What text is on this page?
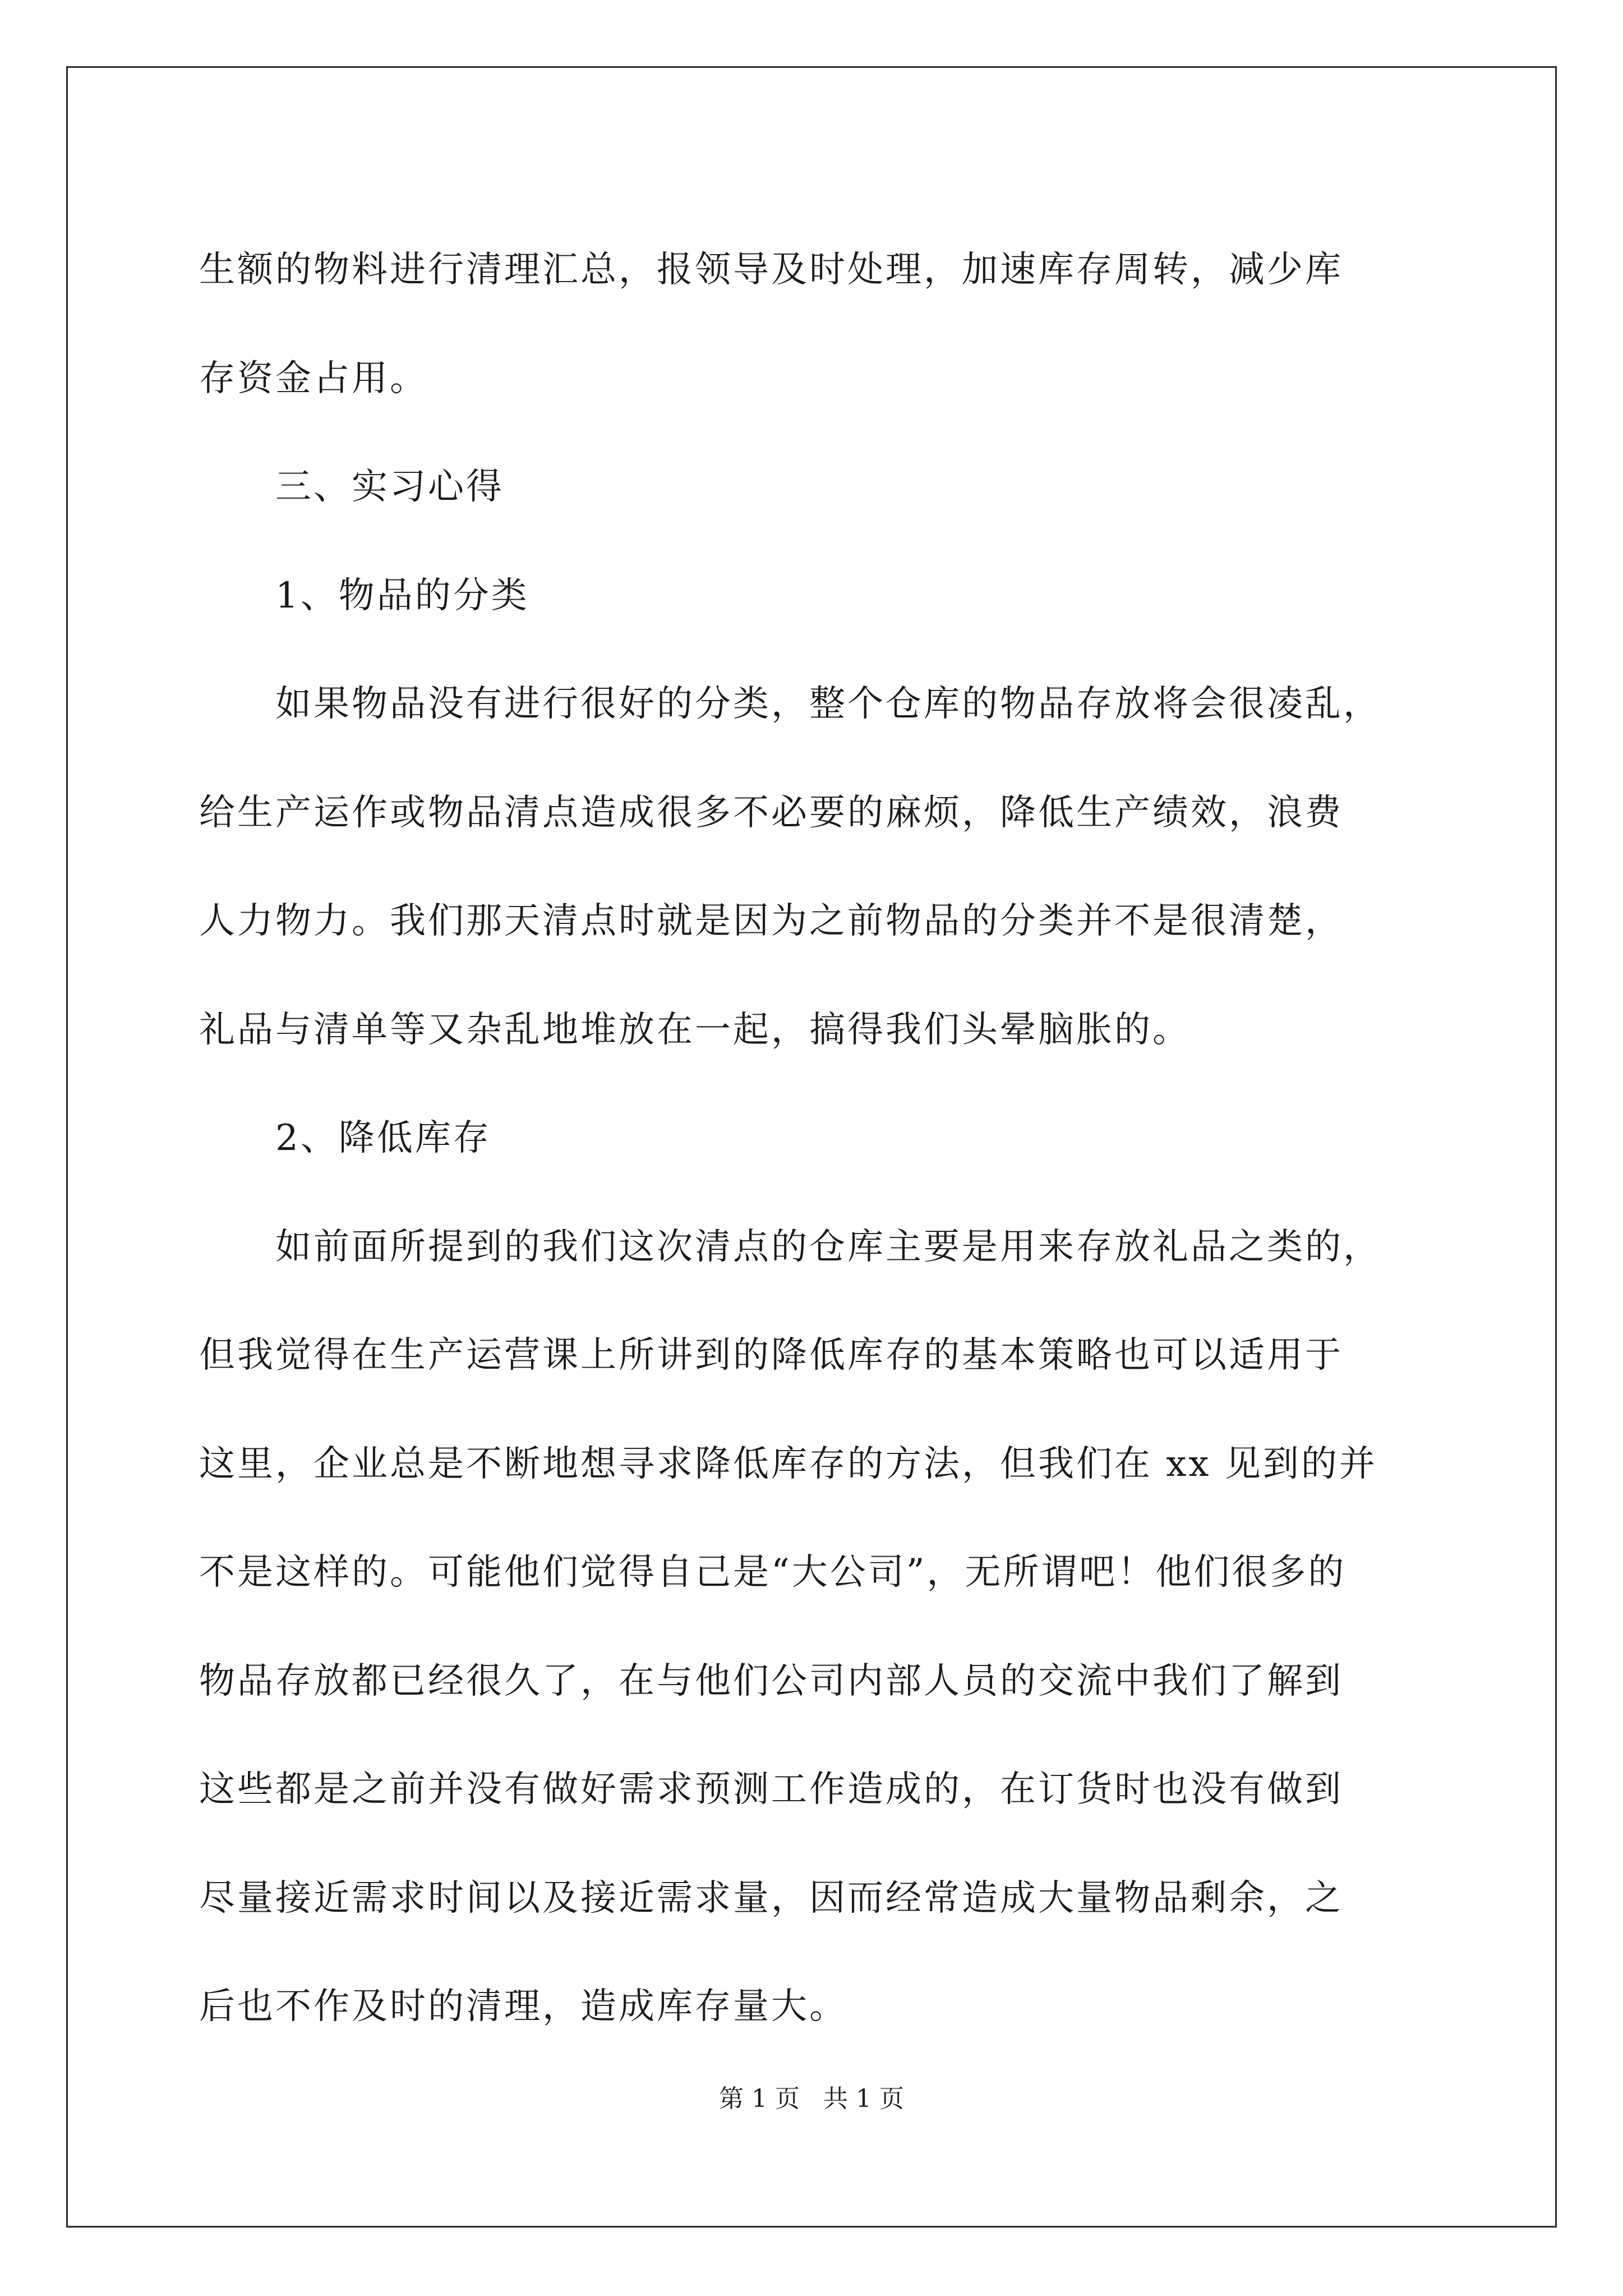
生额的物料进行清理汇总，报领导及时处理，加速库存周转，减少库
存资金占用。

三、实习心得

1、物品的分类

如果物品没有进行很好的分类，整个仓库的物品存放将会很凌乱，
给生产运作或物品清点造成很多不必要的麻烦，降低生产绩效，浪费
人力物力。我们那天清点时就是因为之前物品的分类并不是很清楚，
礼品与清单等又杂乱地堆放在一起，搞得我们头晕脑胀的。

2、降低库存

如前面所提到的我们这次清点的仓库主要是用来存放礼品之类的，
但我觉得在生产运营课上所讲到的降低库存的基本策略也可以适用于
这里，企业总是不断地想寻求降低库存的方法，但我们在 xx 见到的并
不是这样的。可能他们觉得自己是“大公司”，无所谓吧！他们很多的
物品存放都已经很久了，在与他们公司内部人员的交流中我们了解到
这些都是之前并没有做好需求预测工作造成的，在订货时也没有做到
尽量接近需求时间以及接近需求量，因而经常造成大量物品剩余，之
后也不作及时的清理，造成库存量大。

第 1 页   共 1 页
